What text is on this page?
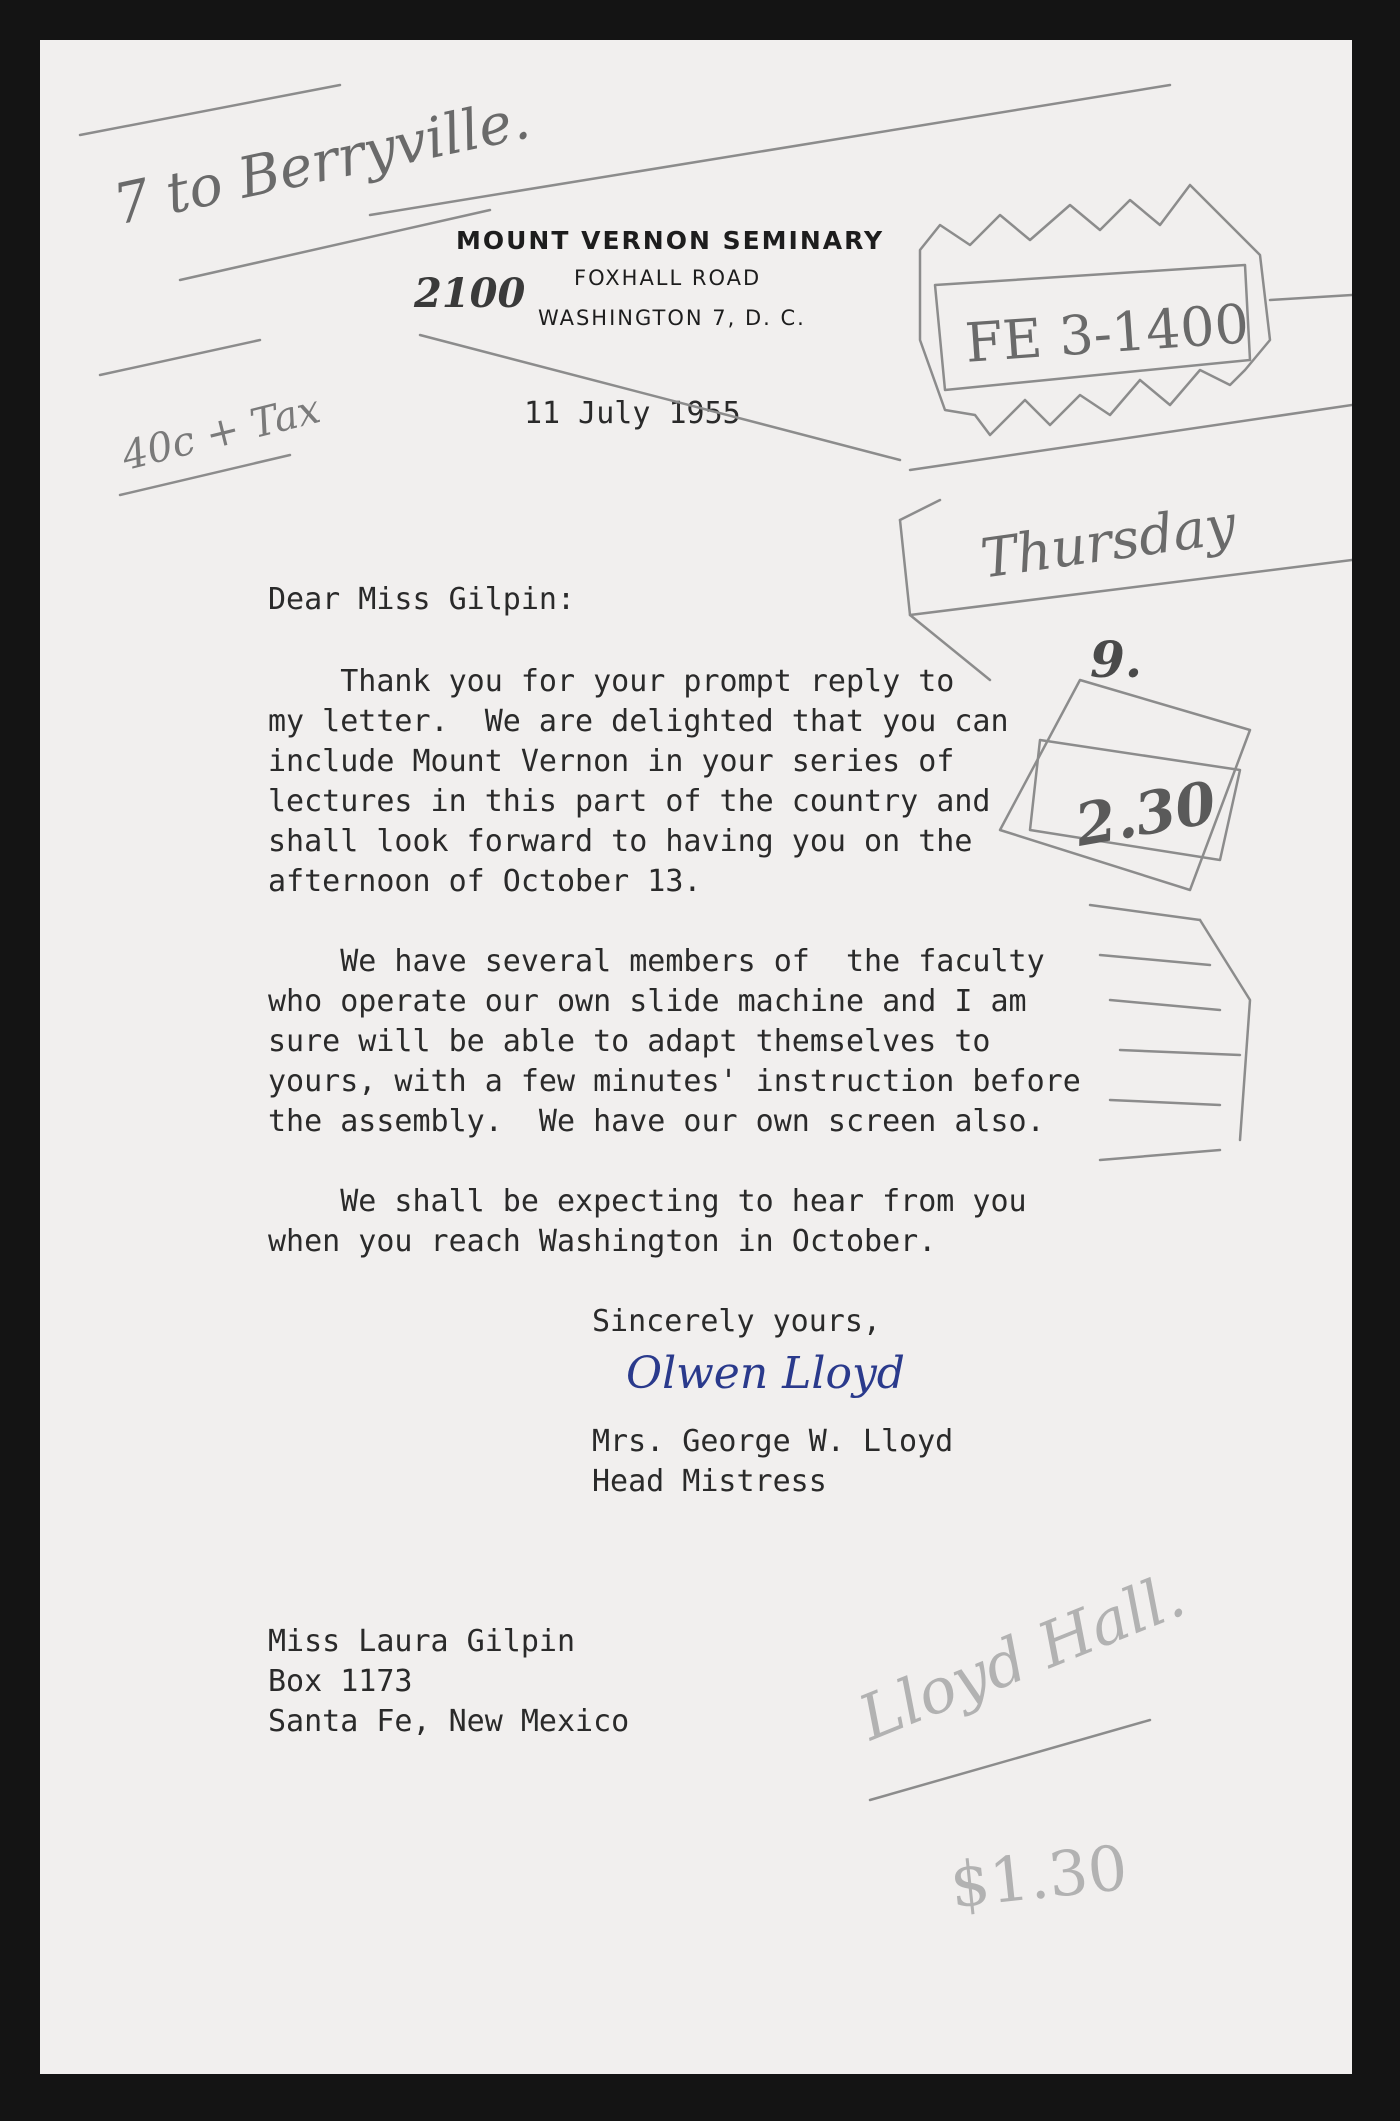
MOUNT VERNON SEMINARY
FOXHALL ROAD
WASHINGTON 7, D. C.
11 July 1955
Dear Miss Gilpin:
Thank you for your prompt reply to
my letter.  We are delighted that you can
include Mount Vernon in your series of
lectures in this part of the country and
shall look forward to having you on the
afternoon of October 13.
We have several members of  the faculty
who operate our own slide machine and I am
sure will be able to adapt themselves to
yours, with a few minutes' instruction before
the assembly.  We have our own screen also.
We shall be expecting to hear from you
when you reach Washington in October.
Sincerely yours,
Olwen Lloyd
Mrs. George W. Lloyd
Head Mistress
Miss Laura Gilpin
Box 1173
Santa Fe, New Mexico
7 to Berryville.
40c + Tax
2100	FE 3-1400
Thursday
9.
2.30
Lloyd Hall.
$1.30
